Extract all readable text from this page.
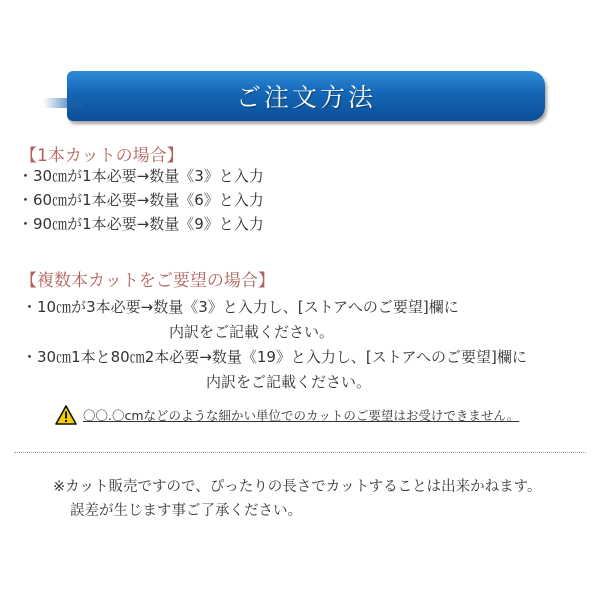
ご注文方法
【1本カットの場合】
・30㎝が1本必要→数量《3》と入力
・60㎝が1本必要→数量《6》と入力
・90㎝が1本必要→数量《9》と入力
【複数本カットをご要望の場合】
・10㎝が3本必要→数量《3》と入力し、[ストアへのご要望]欄に
内訳をご記載ください。
・30㎝1本と80㎝2本必要→数量《19》と入力し、[ストアへのご要望]欄に
内訳をご記載ください。
〇〇.〇cmなどのような細かい単位でのカットのご要望はお受けできません。
※カット販売ですので、ぴったりの長さでカットすることは出来かねます。
誤差が生じます事ご了承ください。
